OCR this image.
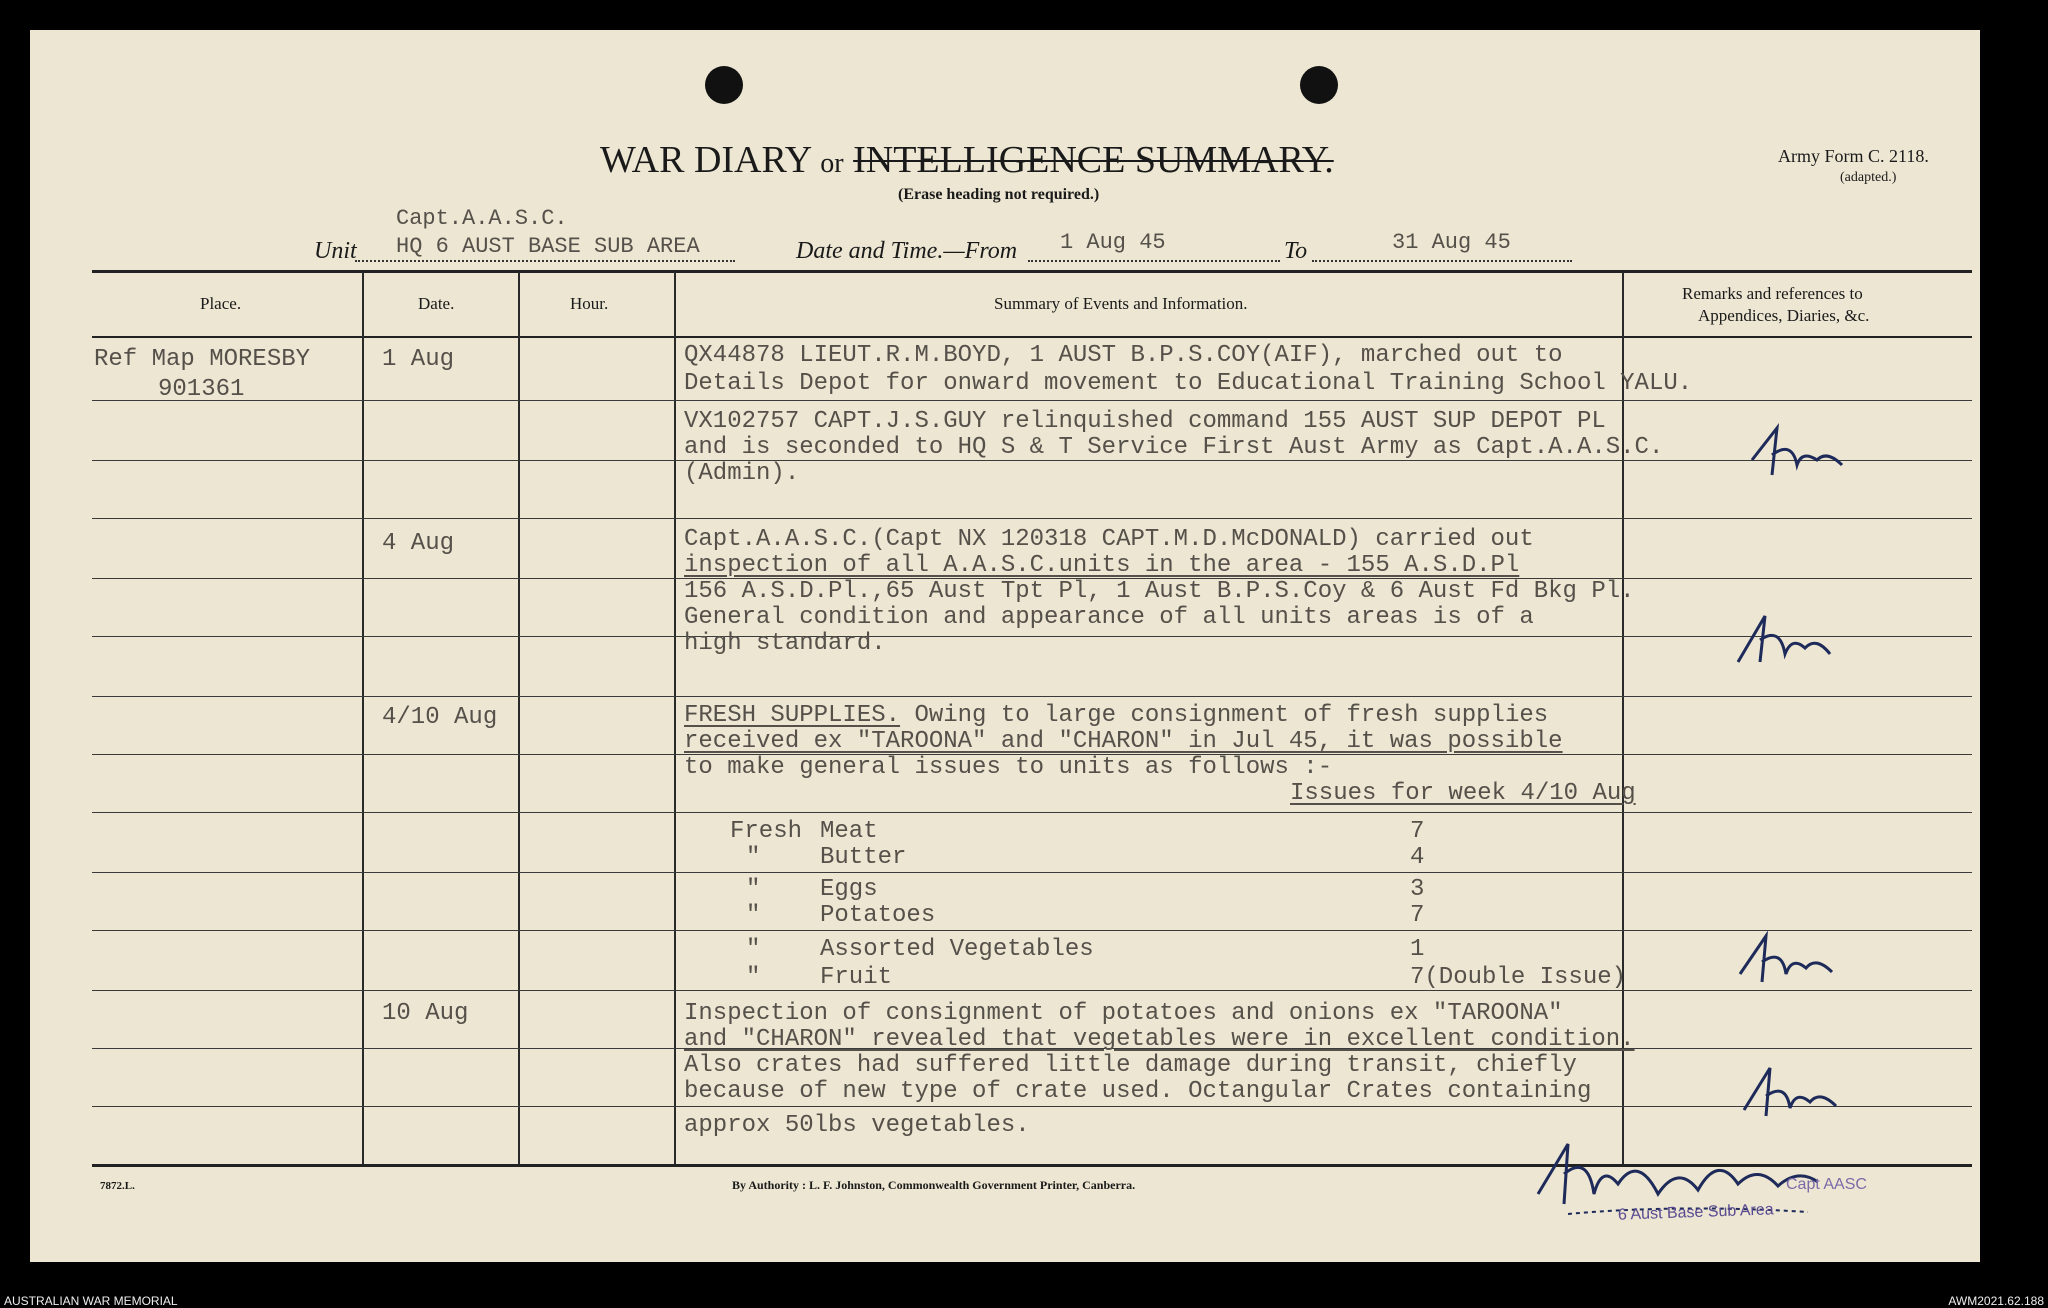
WAR DIARY or INTELLIGENCE SUMMARY.
(Erase heading not required.)
Army Form C. 2118.
(adapted.)
Capt.A.A.S.C.
Unit HQ 6 AUST BASE SUB AREA	Date and Time.—From 1 Aug 45	To	31 Aug 45
Place.	Date.	Hour.	Summary of Events and Information.
Remarks and references to
Appendices, Diaries, &c.
Ref Map MORESBY
901361
1 Aug	QX44878 LIEUT.R.M.BOYD, 1 AUST B.P.S.COY(AIF), marched out to
Details Depot for onward movement to Educational Training School YALU.
VX102757 CAPT.J.S.GUY relinquished command 155 AUST SUP DEPOT PL
and is seconded to HQ S & T Service First Aust Army as Capt.A.A.S.C.
(Admin).
4 Aug	Capt.A.A.S.C.(Capt NX 120318 CAPT.M.D.McDONALD) carried out
inspection of all A.A.S.C.units in the area - 155 A.S.D.Pl
156 A.S.D.Pl.,65 Aust Tpt Pl, 1 Aust B.P.S.Coy & 6 Aust Fd Bkg Pl.
General condition and appearance of all units areas is of a
high standard.
4/10 Aug	FRESH SUPPLIES. Owing to large consignment of fresh supplies
received ex "TAROONA" and "CHARON" in Jul 45, it was possible
to make general issues to units as follows :-
Issues for week 4/10 Aug
Fresh Meat	7
" Butter	4
" Eggs	3
" Potatoes	7
" Assorted Vegetables	1
" Fruit	7(Double Issue)
10 Aug	Inspection of consignment of potatoes and onions ex "TAROONA"
and "CHARON" revealed that vegetables were in excellent condition.
Also crates had suffered little damage during transit, chiefly
because of new type of crate used. Octangular Crates containing
approx 50lbs vegetables.
7872.L.	By Authority : L. F. Johnston, Commonwealth Government Printer, Canberra.	Capt AASC
6 Aust Base Sub Area
AUSTRALIAN WAR MEMORIAL	AWM2021.62.188
